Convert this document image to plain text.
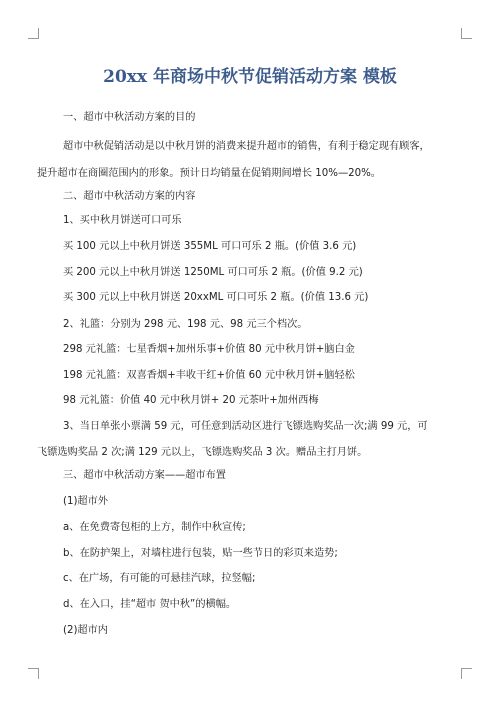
20xx 年商场中秋节促销活动方案 模板
一、超市中秋活动方案的目的
超市中秋促销活动是以中秋月饼的消费来提升超市的销售，有利于稳定现有顾客，
提升超市在商圈范围内的形象。预计日均销量在促销期间增长 10%—20%。
二、超市中秋活动方案的内容
1、买中秋月饼送可口可乐
买 100 元以上中秋月饼送 355ML 可口可乐 2 瓶。(价值 3.6 元)
买 200 元以上中秋月饼送 1250ML 可口可乐 2 瓶。(价值 9.2 元)
买 300 元以上中秋月饼送 20xxML 可口可乐 2 瓶。(价值 13.6 元)
2、礼篮：分别为 298 元、198 元、98 元三个档次。
298 元礼篮：七星香烟+加州乐事+价值 80 元中秋月饼+脑白金
198 元礼篮：双喜香烟+丰收干红+价值 60 元中秋月饼+脑轻松
98 元礼篮：价值 40 元中秋月饼+ 20 元茶叶+加州西梅
3、当日单张小票满 59 元，可任意到活动区进行飞镖选购奖品一次;满 99 元，可
飞镖选购奖品 2 次;满 129 元以上，飞镖选购奖品 3 次。赠品主打月饼。
三、超市中秋活动方案——超市布置
(1)超市外
a、在免费寄包柜的上方，制作中秋宣传;
b、在防护架上，对墙柱进行包装，贴一些节日的彩页来造势;
c、在广场，有可能的可悬挂汽球，拉竖幅;
d、在入口，挂“超市 贺中秋”的横幅。
(2)超市内
